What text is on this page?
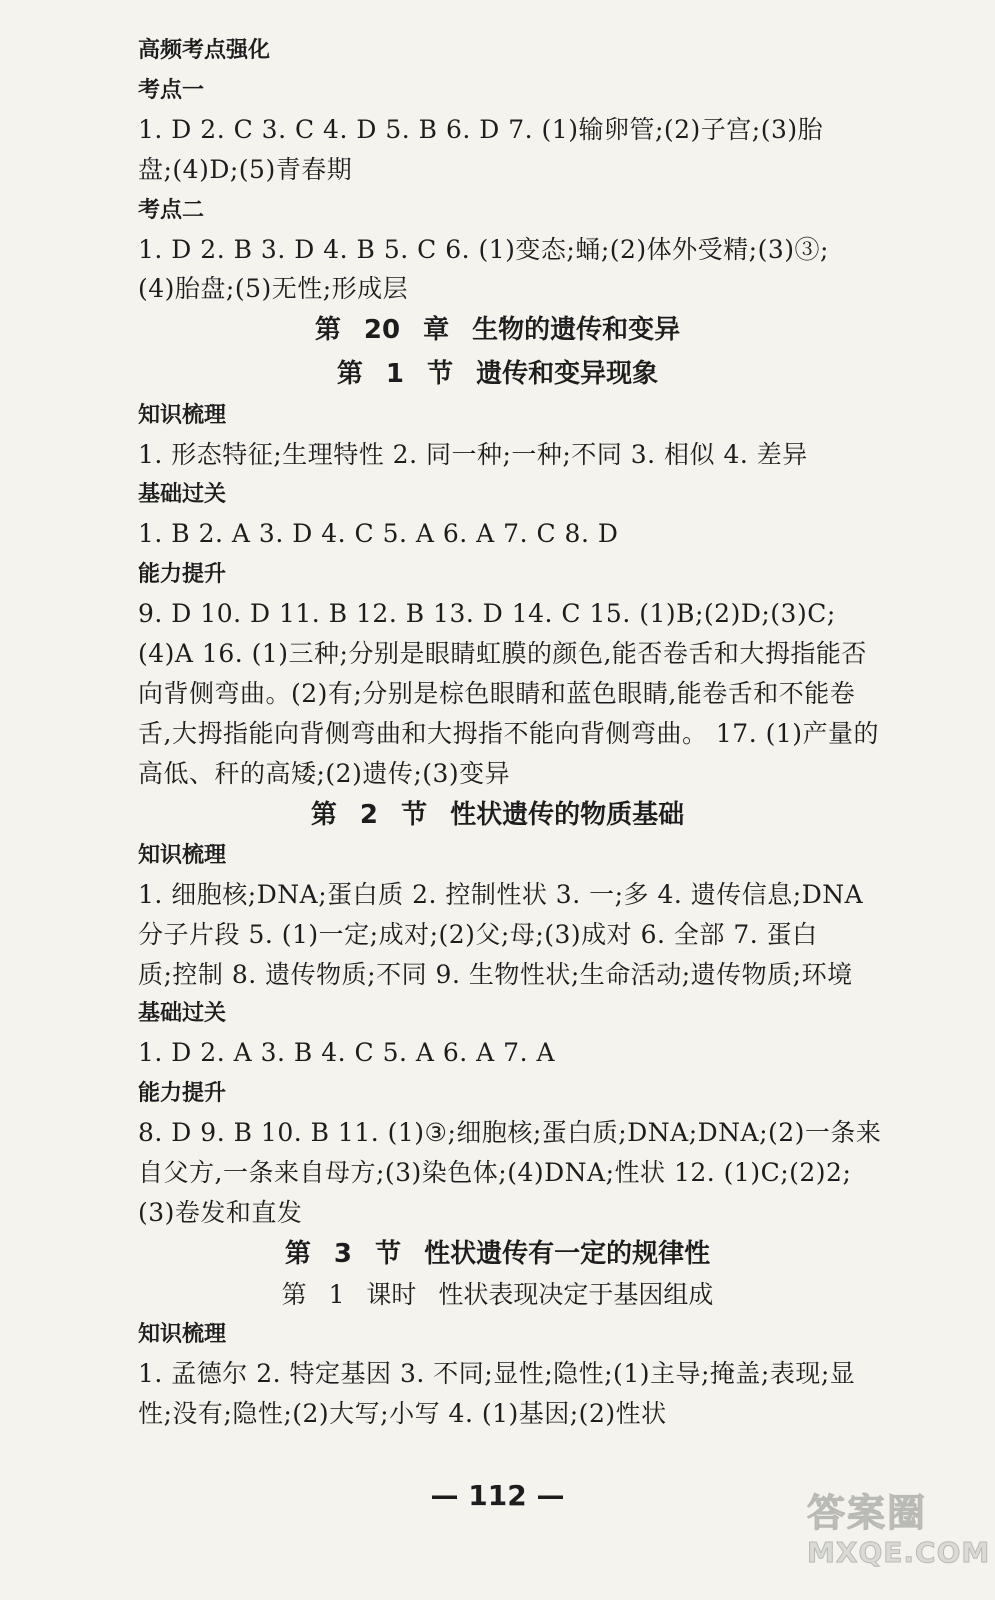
高频考点强化
考点一
1. D 2. C 3. C 4. D 5. B 6. D 7. (1)输卵管;(2)子宫;(3)胎
盘;(4)D;(5)青春期
考点二
1. D 2. B 3. D 4. B 5. C 6. (1)变态;蛹;(2)体外受精;(3)③;
(4)胎盘;(5)无性;形成层
第 20 章 生物的遗传和变异
第 1 节 遗传和变异现象
知识梳理
1. 形态特征;生理特性 2. 同一种;一种;不同 3. 相似 4. 差异
基础过关
1. B 2. A 3. D 4. C 5. A 6. A 7. C 8. D
能力提升
9. D 10. D 11. B 12. B 13. D 14. C 15. (1)B;(2)D;(3)C;
(4)A 16. (1)三种;分别是眼睛虹膜的颜色,能否卷舌和大拇指能否
向背侧弯曲。(2)有;分别是棕色眼睛和蓝色眼睛,能卷舌和不能卷
舌,大拇指能向背侧弯曲和大拇指不能向背侧弯曲。 17. (1)产量的
高低、秆的高矮;(2)遗传;(3)变异
第 2 节 性状遗传的物质基础
知识梳理
1. 细胞核;DNA;蛋白质 2. 控制性状 3. 一;多 4. 遗传信息;DNA
分子片段 5. (1)一定;成对;(2)父;母;(3)成对 6. 全部 7. 蛋白
质;控制 8. 遗传物质;不同 9. 生物性状;生命活动;遗传物质;环境
基础过关
1. D 2. A 3. B 4. C 5. A 6. A 7. A
能力提升
8. D 9. B 10. B 11. (1)③;细胞核;蛋白质;DNA;DNA;(2)一条来
自父方,一条来自母方;(3)染色体;(4)DNA;性状 12. (1)C;(2)2;
(3)卷发和直发
第 3 节 性状遗传有一定的规律性
第 1 课时 性状表现决定于基因组成
知识梳理
1. 孟德尔 2. 特定基因 3. 不同;显性;隐性;(1)主导;掩盖;表现;显
性;没有;隐性;(2)大写;小写 4. (1)基因;(2)性状
— 112 —	答案圈
MXQE.COM
